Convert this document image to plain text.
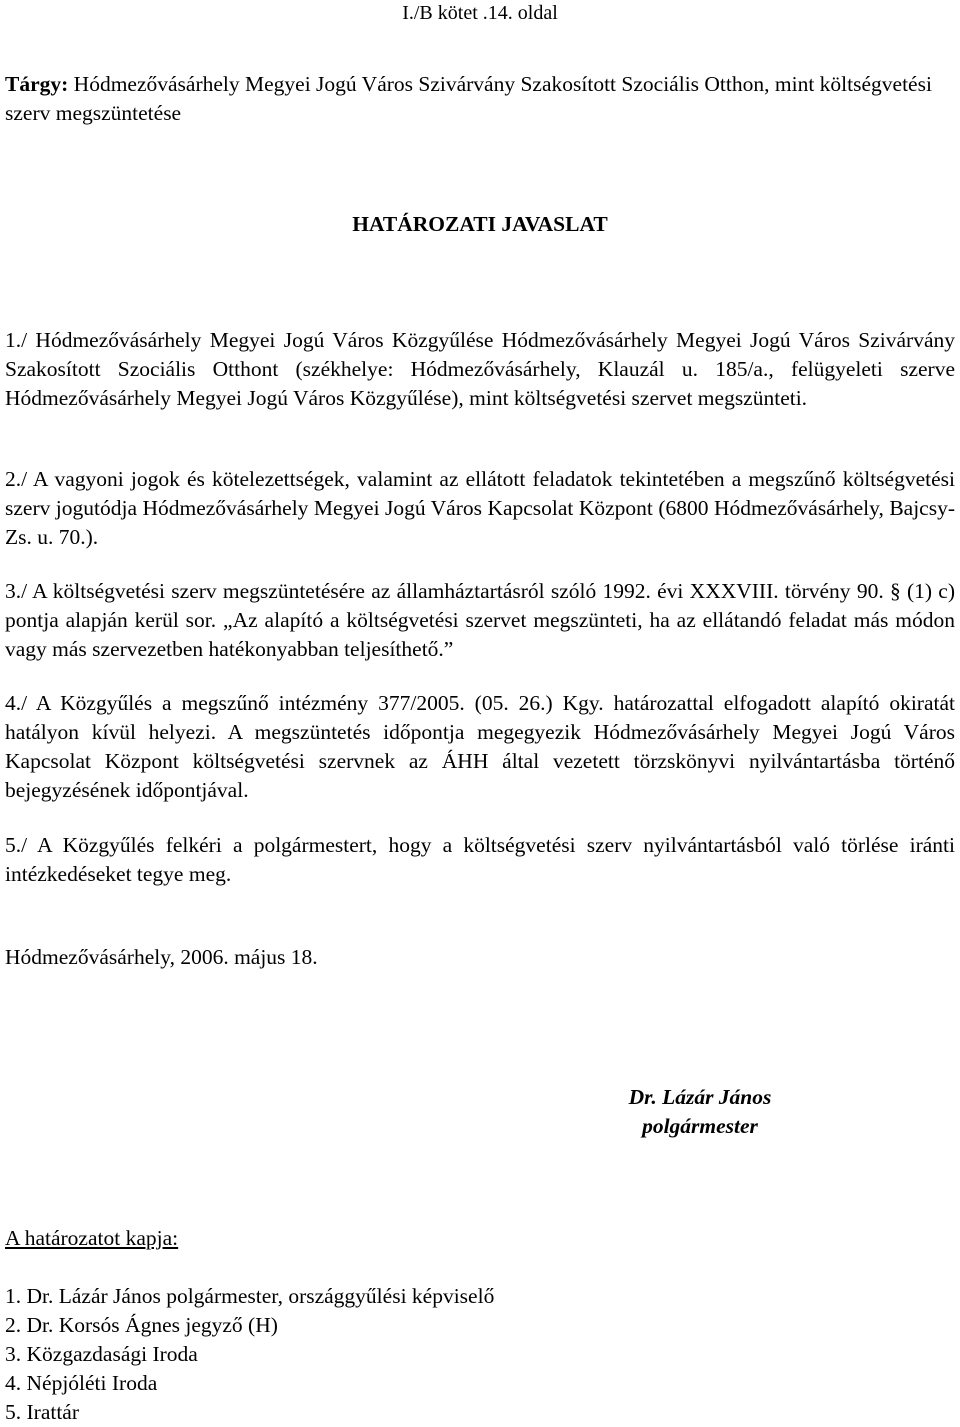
I./B kötet .14. oldal
Tárgy: Hódmezővásárhely Megyei Jogú Város Szivárvány Szakosított Szociális Otthon, mint költségvetési szerv megszüntetése
HATÁROZATI JAVASLAT
1./ Hódmezővásárhely Megyei Jogú Város Közgyűlése Hódmezővásárhely Megyei Jogú Város Szivárvány Szakosított Szociális Otthont (székhelye: Hódmezővásárhely, Klauzál u. 185/a., felügyeleti szerve Hódmezővásárhely Megyei Jogú Város Közgyűlése), mint költségvetési szervet megszünteti.
2./ A vagyoni jogok és kötelezettségek, valamint az ellátott feladatok tekintetében a megszűnő költségvetési szerv jogutódja Hódmezővásárhely Megyei Jogú Város Kapcsolat Központ (6800 Hódmezővásárhely, Bajcsy-Zs. u. 70.).
3./ A költségvetési szerv megszüntetésére az államháztartásról szóló 1992. évi XXXVIII. törvény 90. § (1) c) pontja alapján kerül sor. „Az alapító a költségvetési szervet megszünteti, ha az ellátandó feladat más módon vagy más szervezetben hatékonyabban teljesíthető.”
4./ A Közgyűlés a megszűnő intézmény 377/2005. (05. 26.) Kgy. határozattal elfogadott alapító okiratát hatályon kívül helyezi. A megszüntetés időpontja megegyezik Hódmezővásárhely Megyei Jogú Város Kapcsolat Központ költségvetési szervnek az ÁHH által vezetett törzskönyvi nyilvántartásba történő bejegyzésének időpontjával.
5./ A Közgyűlés felkéri a polgármestert, hogy a költségvetési szerv nyilvántartásból való törlése iránti intézkedéseket tegye meg.
Hódmezővásárhely, 2006. május 18.
Dr. Lázár János
polgármester
A határozatot kapja:
1. Dr. Lázár János polgármester, országgyűlési képviselő
2. Dr. Korsós Ágnes jegyző (H)
3. Közgazdasági Iroda
4. Népjóléti Iroda
5. Irattár
